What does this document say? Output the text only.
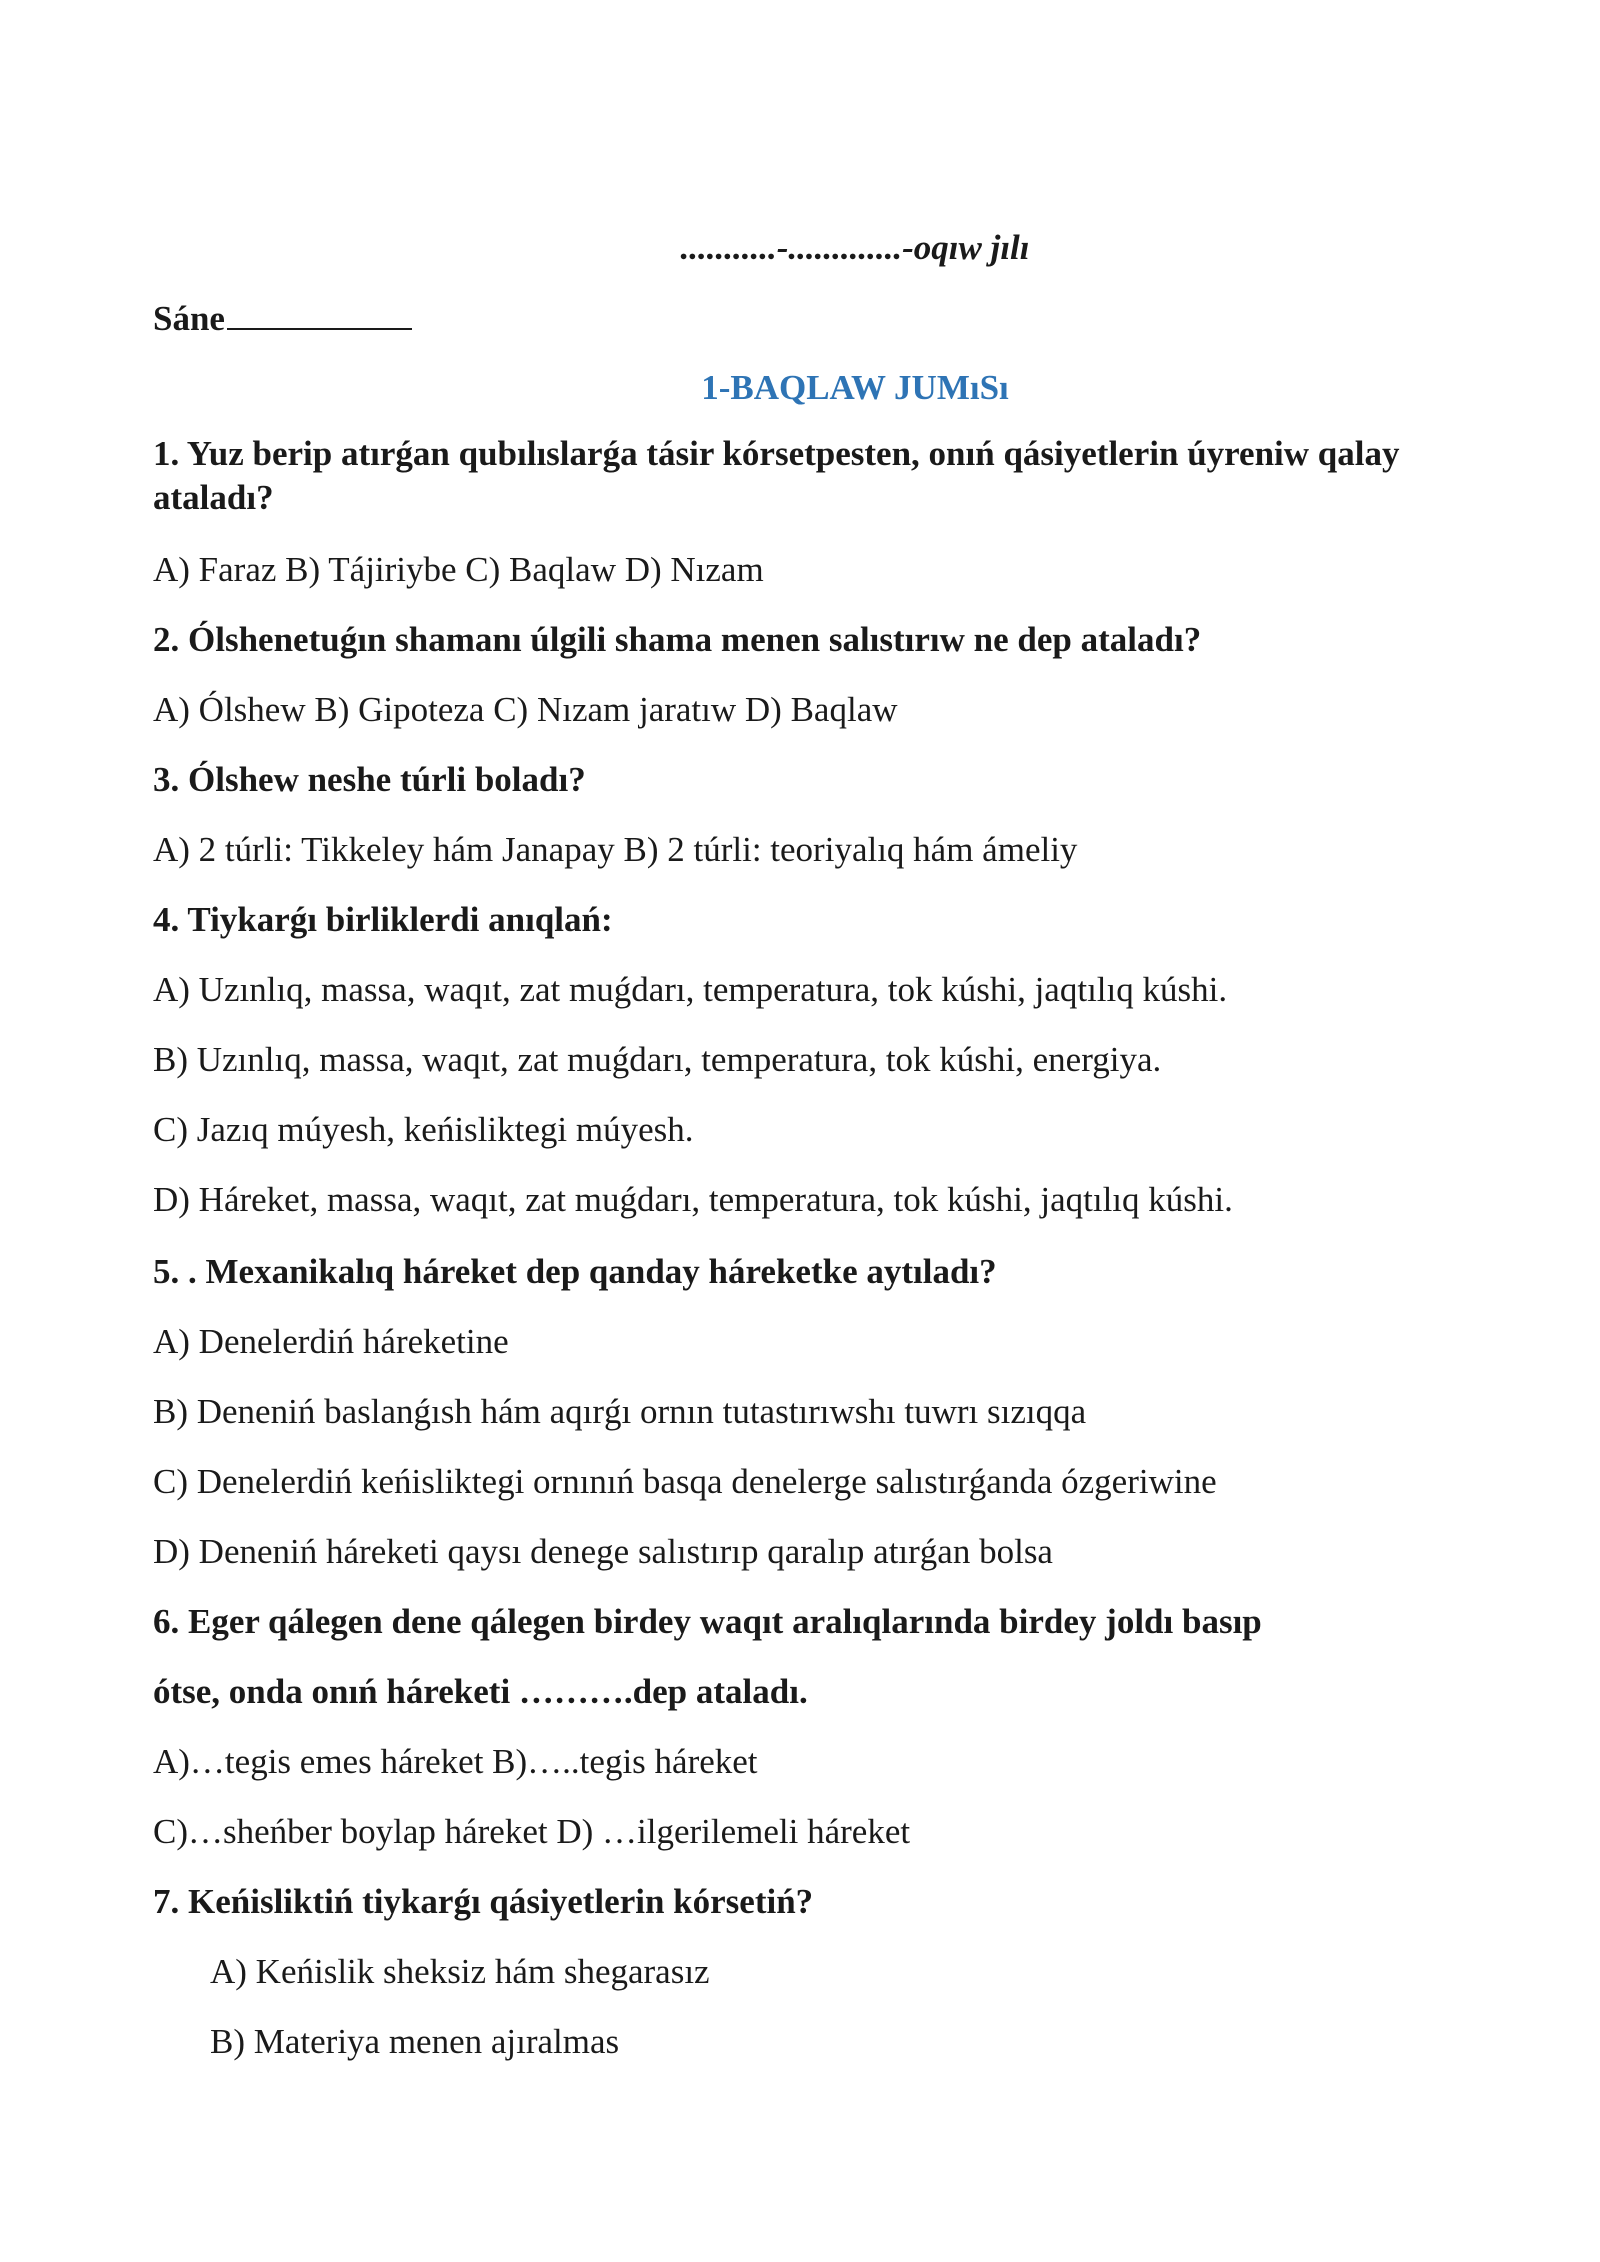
...........-.............-oqıw jılı
Sáne
1-BAQLAW JUMıSı
1. Yuz berip atırǵan qubılıslarǵa tásir kórsetpesten, onıń qásiyetlerin úyreniw qalay ataladı?
A) Faraz B) Tájiriybe C) Baqlaw D) Nızam
2. Ólshenetuǵın shamanı úlgili shama menen salıstırıw ne dep ataladı?
A) Ólshew B) Gipoteza C) Nızam jaratıw D) Baqlaw
3. Ólshew neshe túrli boladı?
A) 2 túrli: Tikkeley hám Janapay B) 2 túrli: teoriyalıq hám ámeliy
4. Tiykarǵı birliklerdi anıqlań:
A) Uzınlıq, massa, waqıt, zat muǵdarı, temperatura, tok kúshi, jaqtılıq kúshi.
B) Uzınlıq, massa, waqıt, zat muǵdarı, temperatura, tok kúshi, energiya.
C) Jazıq múyesh, keńisliktegi múyesh.
D) Háreket, massa, waqıt, zat muǵdarı, temperatura, tok kúshi, jaqtılıq kúshi.
5. . Mexanikalıq háreket dep qanday háreketke aytıladı?
A) Denelerdiń háreketine
B) Deneniń baslanǵısh hám aqırǵı ornın tutastırıwshı tuwrı sızıqqa
C) Denelerdiń keńisliktegi ornınıń basqa denelerge salıstırǵanda ózgeriwine
D) Deneniń háreketi qaysı denege salıstırıp qaralıp atırǵan bolsa
6. Eger qálegen dene qálegen birdey waqıt aralıqlarında birdey joldı basıp
ótse, onda onıń háreketi ……….dep ataladı.
A)…tegis emes háreket B)…..tegis háreket
C)…sheńber boylap háreket D) …ilgerilemeli háreket
7. Keńisliktiń tiykarǵı qásiyetlerin kórsetiń?
A) Keńislik sheksiz hám shegarasız
B) Materiya menen ajıralmas
